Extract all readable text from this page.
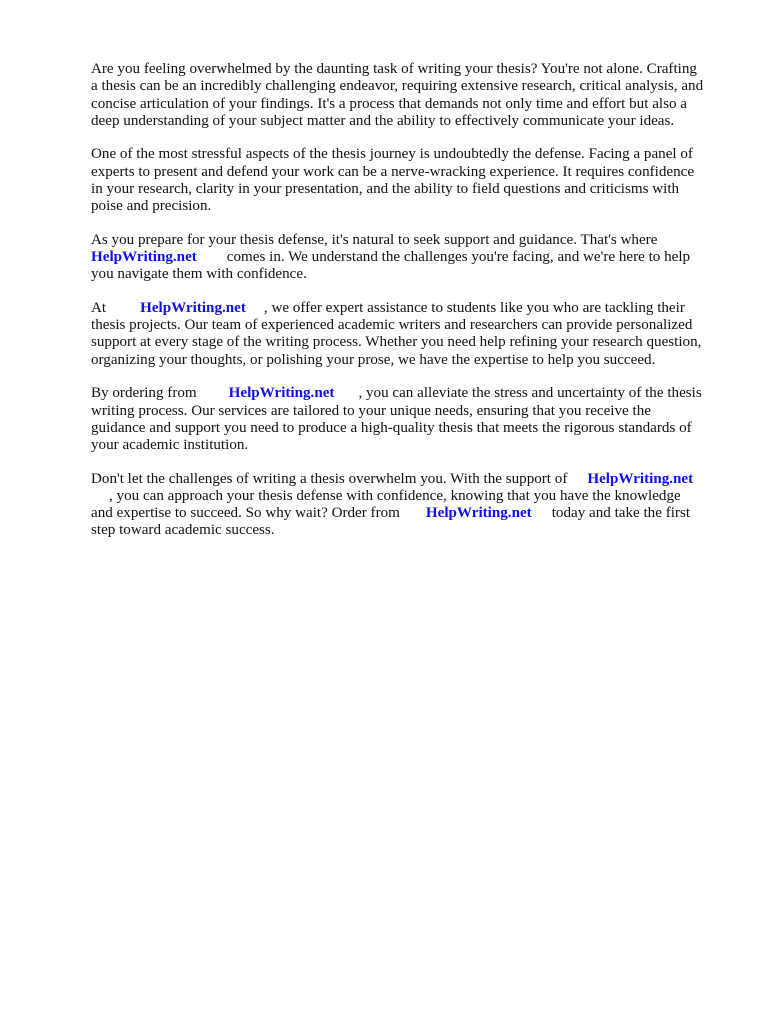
Are you feeling overwhelmed by the daunting task of writing your thesis? You're not alone. Crafting
a thesis can be an incredibly challenging endeavor, requiring extensive research, critical analysis, and
concise articulation of your findings. It's a process that demands not only time and effort but also a
deep understanding of your subject matter and the ability to effectively communicate your ideas.

One of the most stressful aspects of the thesis journey is undoubtedly the defense. Facing a panel of
experts to present and defend your work can be a nerve-wracking experience. It requires confidence
in your research, clarity in your presentation, and the ability to field questions and criticisms with
poise and precision.

As you prepare for your thesis defense, it's natural to seek support and guidance. That's where
HelpWriting.net comes in. We understand the challenges you're facing, and we're here to help
you navigate them with confidence.

At HelpWriting.net , we offer expert assistance to students like you who are tackling their
thesis projects. Our team of experienced academic writers and researchers can provide personalized
support at every stage of the writing process. Whether you need help refining your research question,
organizing your thoughts, or polishing your prose, we have the expertise to help you succeed.

By ordering from HelpWriting.net , you can alleviate the stress and uncertainty of the thesis
writing process. Our services are tailored to your unique needs, ensuring that you receive the
guidance and support you need to produce a high-quality thesis that meets the rigorous standards of
your academic institution.

Don't let the challenges of writing a thesis overwhelm you. With the support of HelpWriting.net
, you can approach your thesis defense with confidence, knowing that you have the knowledge
and expertise to succeed. So why wait? Order from HelpWriting.net today and take the first
step toward academic success.
